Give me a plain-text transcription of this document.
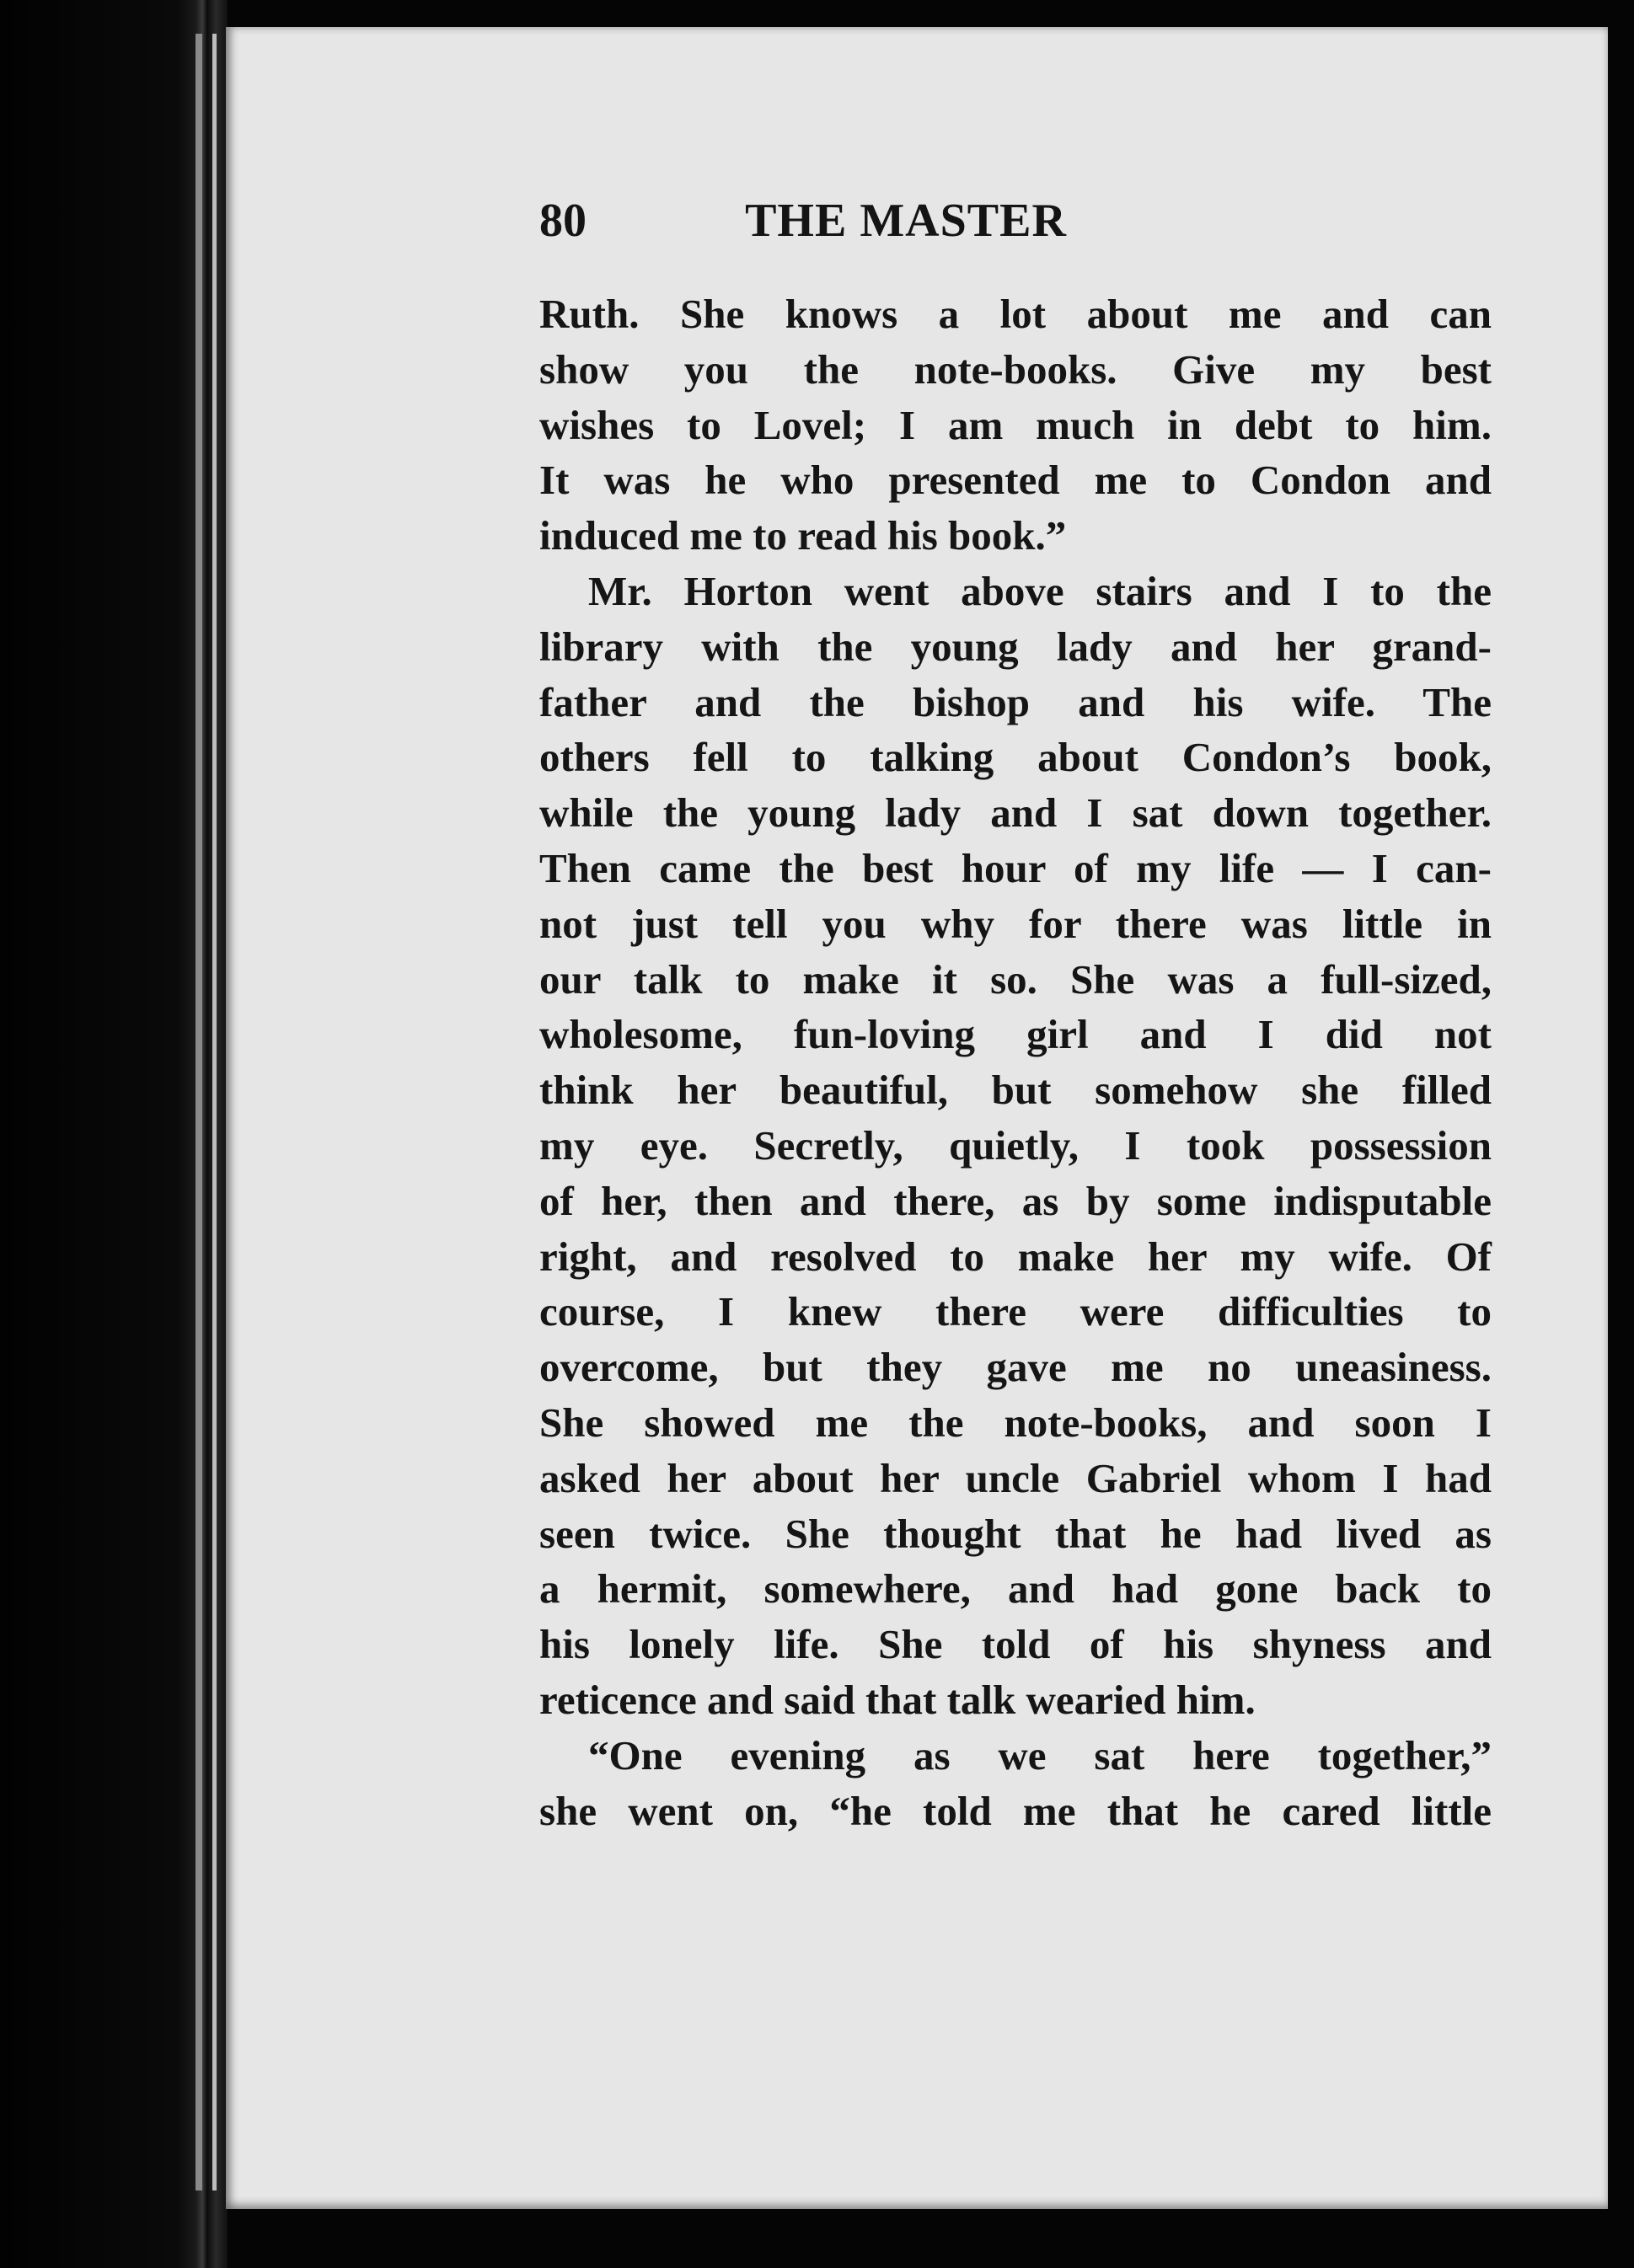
80	THE MASTER
Ruth. She knows a lot about me and can
show you the note-books. Give my best
wishes to Lovel; I am much in debt to him.
It was he who presented me to Condon and
induced me to read his book.”
Mr. Horton went above stairs and I to the
library with the young lady and her grand-
father and the bishop and his wife. The
others fell to talking about Condon’s book,
while the young lady and I sat down together.
Then came the best hour of my life — I can-
not just tell you why for there was little in
our talk to make it so. She was a full-sized,
wholesome, fun-loving girl and I did not
think her beautiful, but somehow she filled
my eye. Secretly, quietly, I took possession
of her, then and there, as by some indisputable
right, and resolved to make her my wife. Of
course, I knew there were difficulties to
overcome, but they gave me no uneasiness.
She showed me the note-books, and soon I
asked her about her uncle Gabriel whom I had
seen twice. She thought that he had lived as
a hermit, somewhere, and had gone back to
his lonely life. She told of his shyness and
reticence and said that talk wearied him.
“One evening as we sat here together,”
she went on, “he told me that he cared little
